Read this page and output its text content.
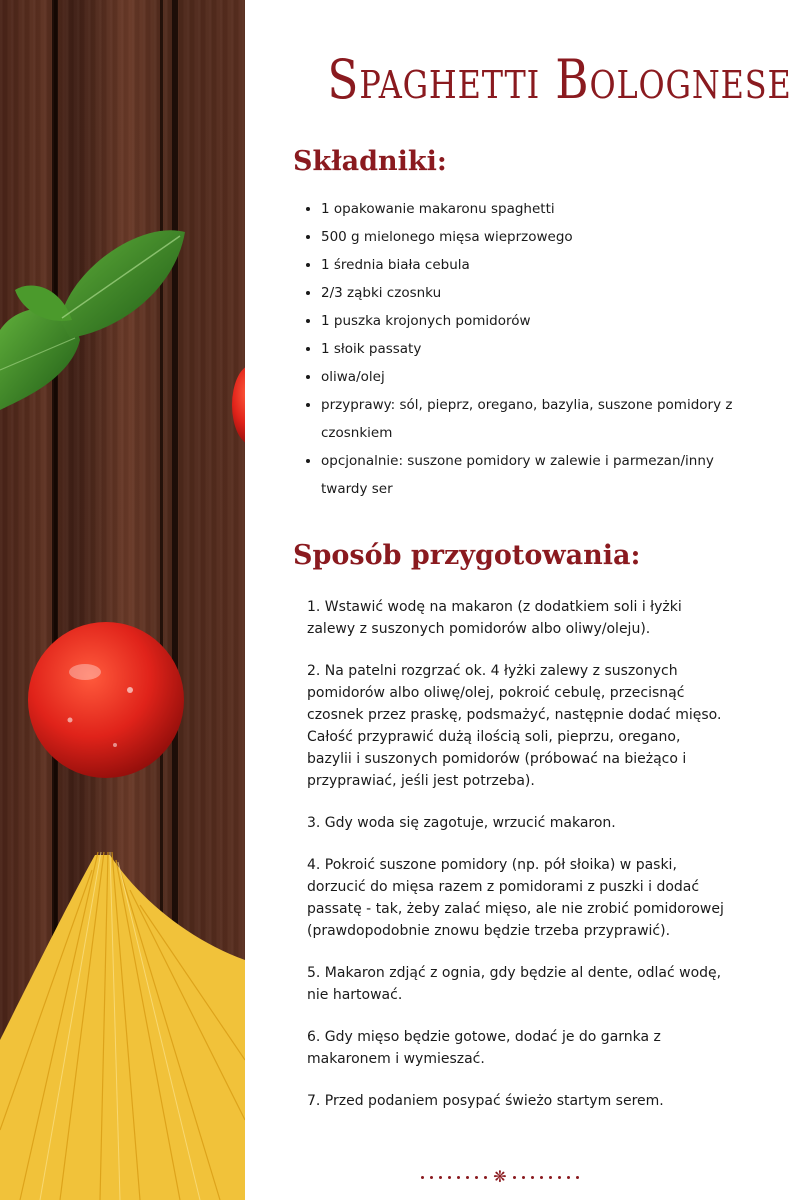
Spaghetti Bolognese
Składniki:
• 1 opakowanie makaronu spaghetti
• 500 g mielonego mięsa wieprzowego
• 1 średnia biała cebula
• 2/3 ząbki czosnku
• 1 puszka krojonych pomidorów
• 1 słoik passaty
• oliwa/olej
• przyprawy: sól, pieprz, oregano, bazylia, suszone pomidory z czosnkiem
• opcjonalnie: suszone pomidory w zalewie i parmezan/inny twardy ser
Sposób przygotowania:

1. Wstawić wodę na makaron (z dodatkiem soli i łyżki zalewy z suszonych pomidorów albo oliwy/oleju).

2. Na patelni rozgrzać ok. 4 łyżki zalewy z suszonych pomidorów albo oliwę/olej, pokroić cebulę, przecisnąć czosnek przez praskę, podsmażyć, następnie dodać mięso. Całość przyprawić dużą ilością soli, pieprzu, oregano, bazylii i suszonych pomidorów (próbować na bieżąco i przyprawiać, jeśli jest potrzeba).

3. Gdy woda się zagotuje, wrzucić makaron.

4. Pokroić suszone pomidory (np. pół słoika) w paski, dorzucić do mięsa razem z pomidorami z puszki i dodać passatę - tak, żeby zalać mięso, ale nie zrobić pomidorowej (prawdopodobnie znowu będzie trzeba przyprawić).

5. Makaron zdjąć z ognia, gdy będzie al dente, odlać wodę, nie hartować.

6. Gdy mięso będzie gotowe, dodać je do garnka z makaronem i wymieszać.

7. Przed podaniem posypać świeżo startym serem.

❋
